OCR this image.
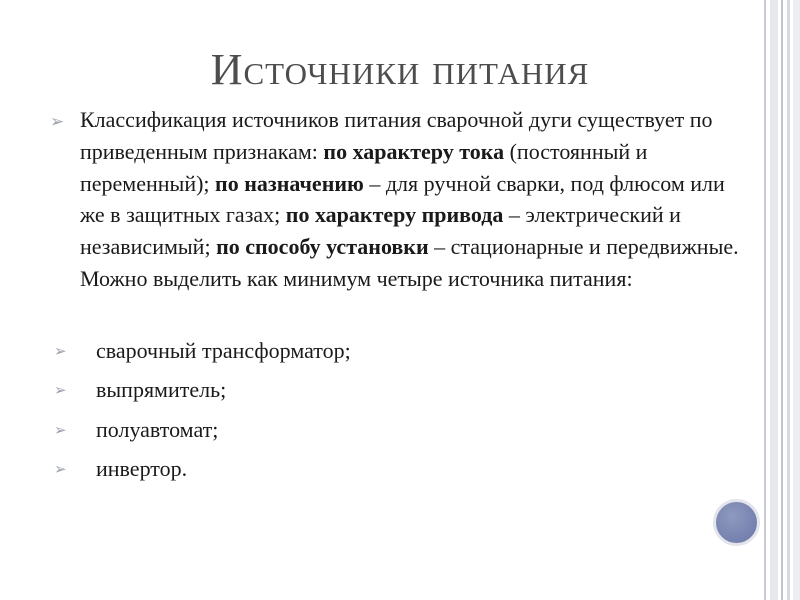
Источники питания
➢ Классификация источников питания сварочной дуги существует по приведенным признакам: по характеру тока (постоянный и переменный); по назначению – для ручной сварки, под флюсом или же в защитных газах; по характеру привода – электрический и независимый; по способу установки – стационарные и передвижные. Можно выделить как минимум четыре источника питания:
➢ сварочный трансформатор;
➢ выпрямитель;
➢ полуавтомат;
➢ инвертор.
